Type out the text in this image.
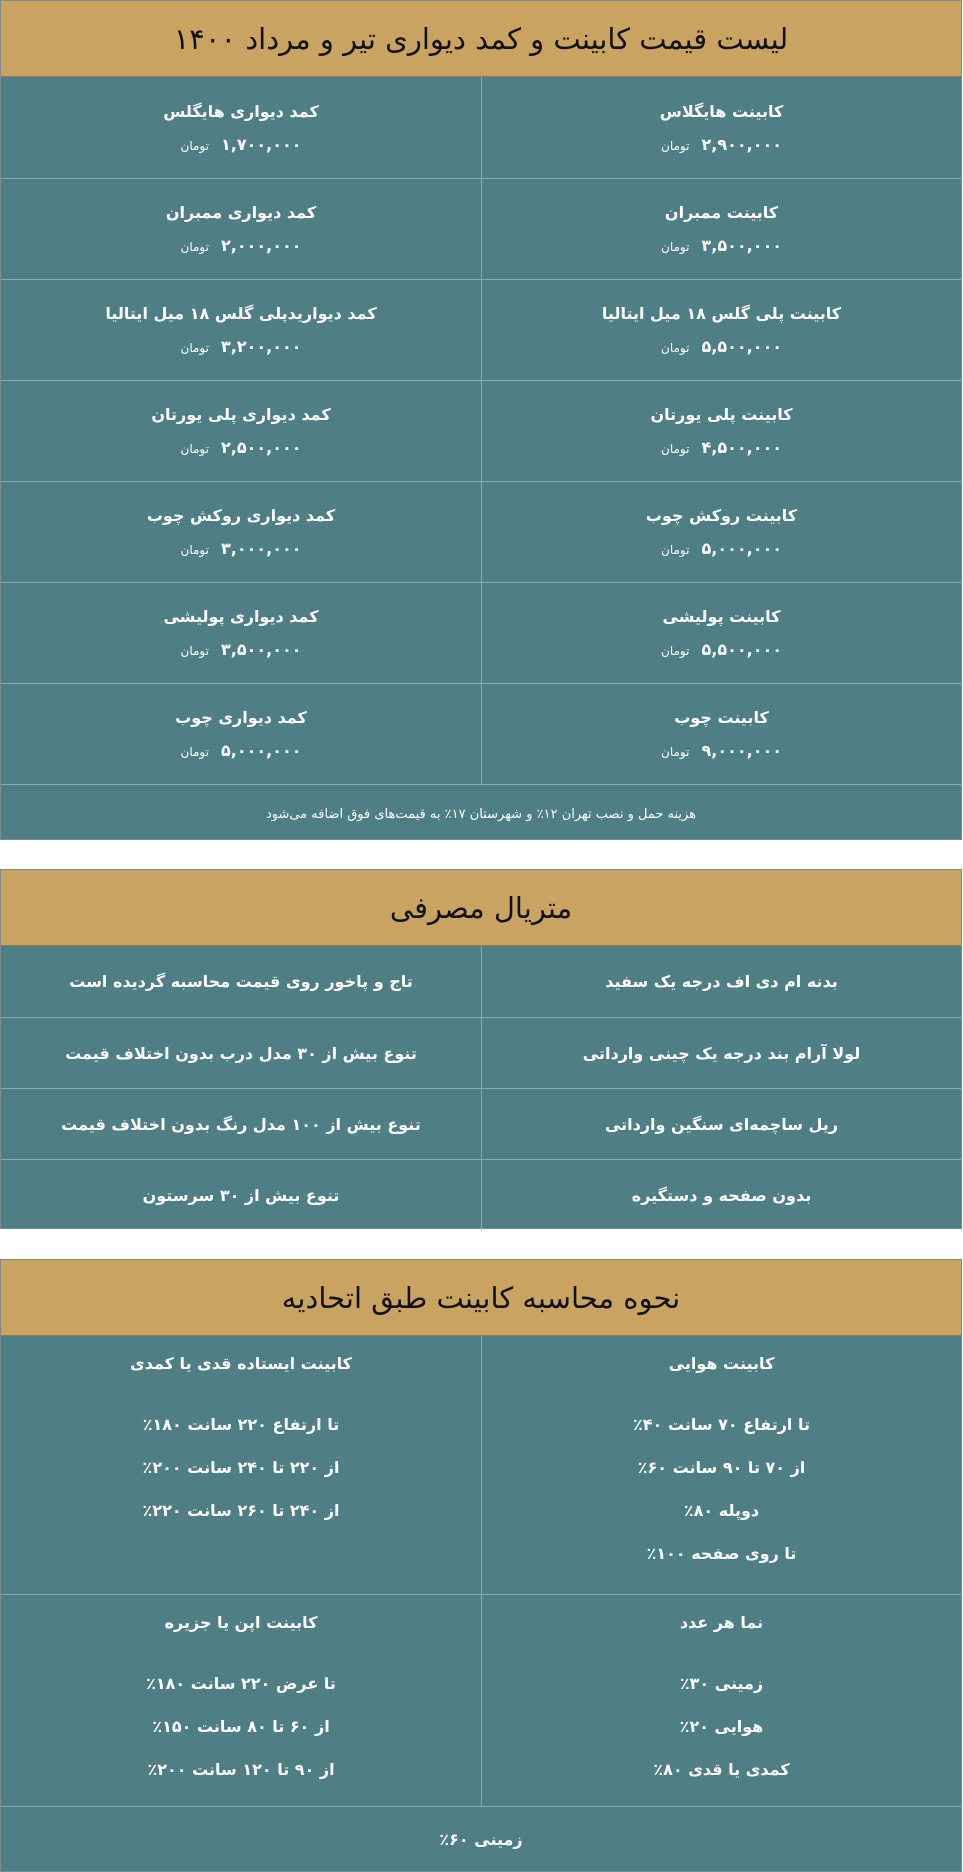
لیست قیمت کابینت و کمد دیواری تیر و مرداد ۱۴۰۰
کابینت هایگلاس
۲,۹۰۰,۰۰۰
تومان
کمد دیواری هایگلس
۱,۷۰۰,۰۰۰
تومان
کابینت ممبران
۳,۵۰۰,۰۰۰
تومان
کمد دیواری ممبران
۲,۰۰۰,۰۰۰
تومان
کابینت پلی گلس ۱۸ میل ایتالیا
۵,۵۰۰,۰۰۰
تومان
کمد دیواریدپلی گلس ۱۸ میل ایتالیا
۳,۲۰۰,۰۰۰
تومان
کابینت پلی یورتان
۴,۵۰۰,۰۰۰
تومان
کمد دیواری پلی یورتان
۲,۵۰۰,۰۰۰
تومان
کابینت روکش چوب
۵,۰۰۰,۰۰۰
تومان
کمد دیواری روکش چوب
۳,۰۰۰,۰۰۰
تومان
کابینت پولیشی
۵,۵۰۰,۰۰۰
تومان
کمد دیواری پولیشی
۳,۵۰۰,۰۰۰
تومان
کابینت چوب
۹,۰۰۰,۰۰۰
تومان
کمد دیواری چوب
۵,۰۰۰,۰۰۰
تومان
هزینه حمل و نصب تهران ۱۲٪ و شهرستان ۱۷٪ به قیمت‌های فوق اضافه می‌شود
متریال مصرفی
بدنه ام دی اف درجه یک سفید
تاج و پاخور روی قیمت محاسبه گردیده است
لولا آرام بند درجه یک چینی وارداتی
تنوع بیش از ۳۰ مدل درب بدون اختلاف قیمت
ریل ساچمه‌ای سنگین وارداتی
تنوع بیش از ۱۰۰ مدل رنگ بدون اختلاف قیمت
بدون صفحه و دستگیره
تنوع بیش از ۳۰ سرستون
نحوه محاسبه کابینت طبق اتحادیه
کابینت هوایی
تا ارتفاع ۷۰ سانت ۴۰٪
از ۷۰ تا ۹۰ سانت ۶۰٪
دوپله ۸۰٪
تا روی صفحه ۱۰۰٪
کابینت ایستاده قدی یا کمدی
تا ارتفاع ۲۲۰ سانت ۱۸۰٪
از ۲۲۰ تا ۲۴۰ سانت ۲۰۰٪
از ۲۴۰ تا ۲۶۰ سانت ۲۲۰٪
نما هر عدد
زمینی ۳۰٪
هوایی ۲۰٪
کمدی یا قدی ۸۰٪
کابینت اپن یا جزیره
تا عرض ۲۲۰ سانت ۱۸۰٪
از ۶۰ تا ۸۰ سانت ۱۵۰٪
از ۹۰ تا ۱۲۰ سانت ۲۰۰٪
زمینی ۶۰٪
